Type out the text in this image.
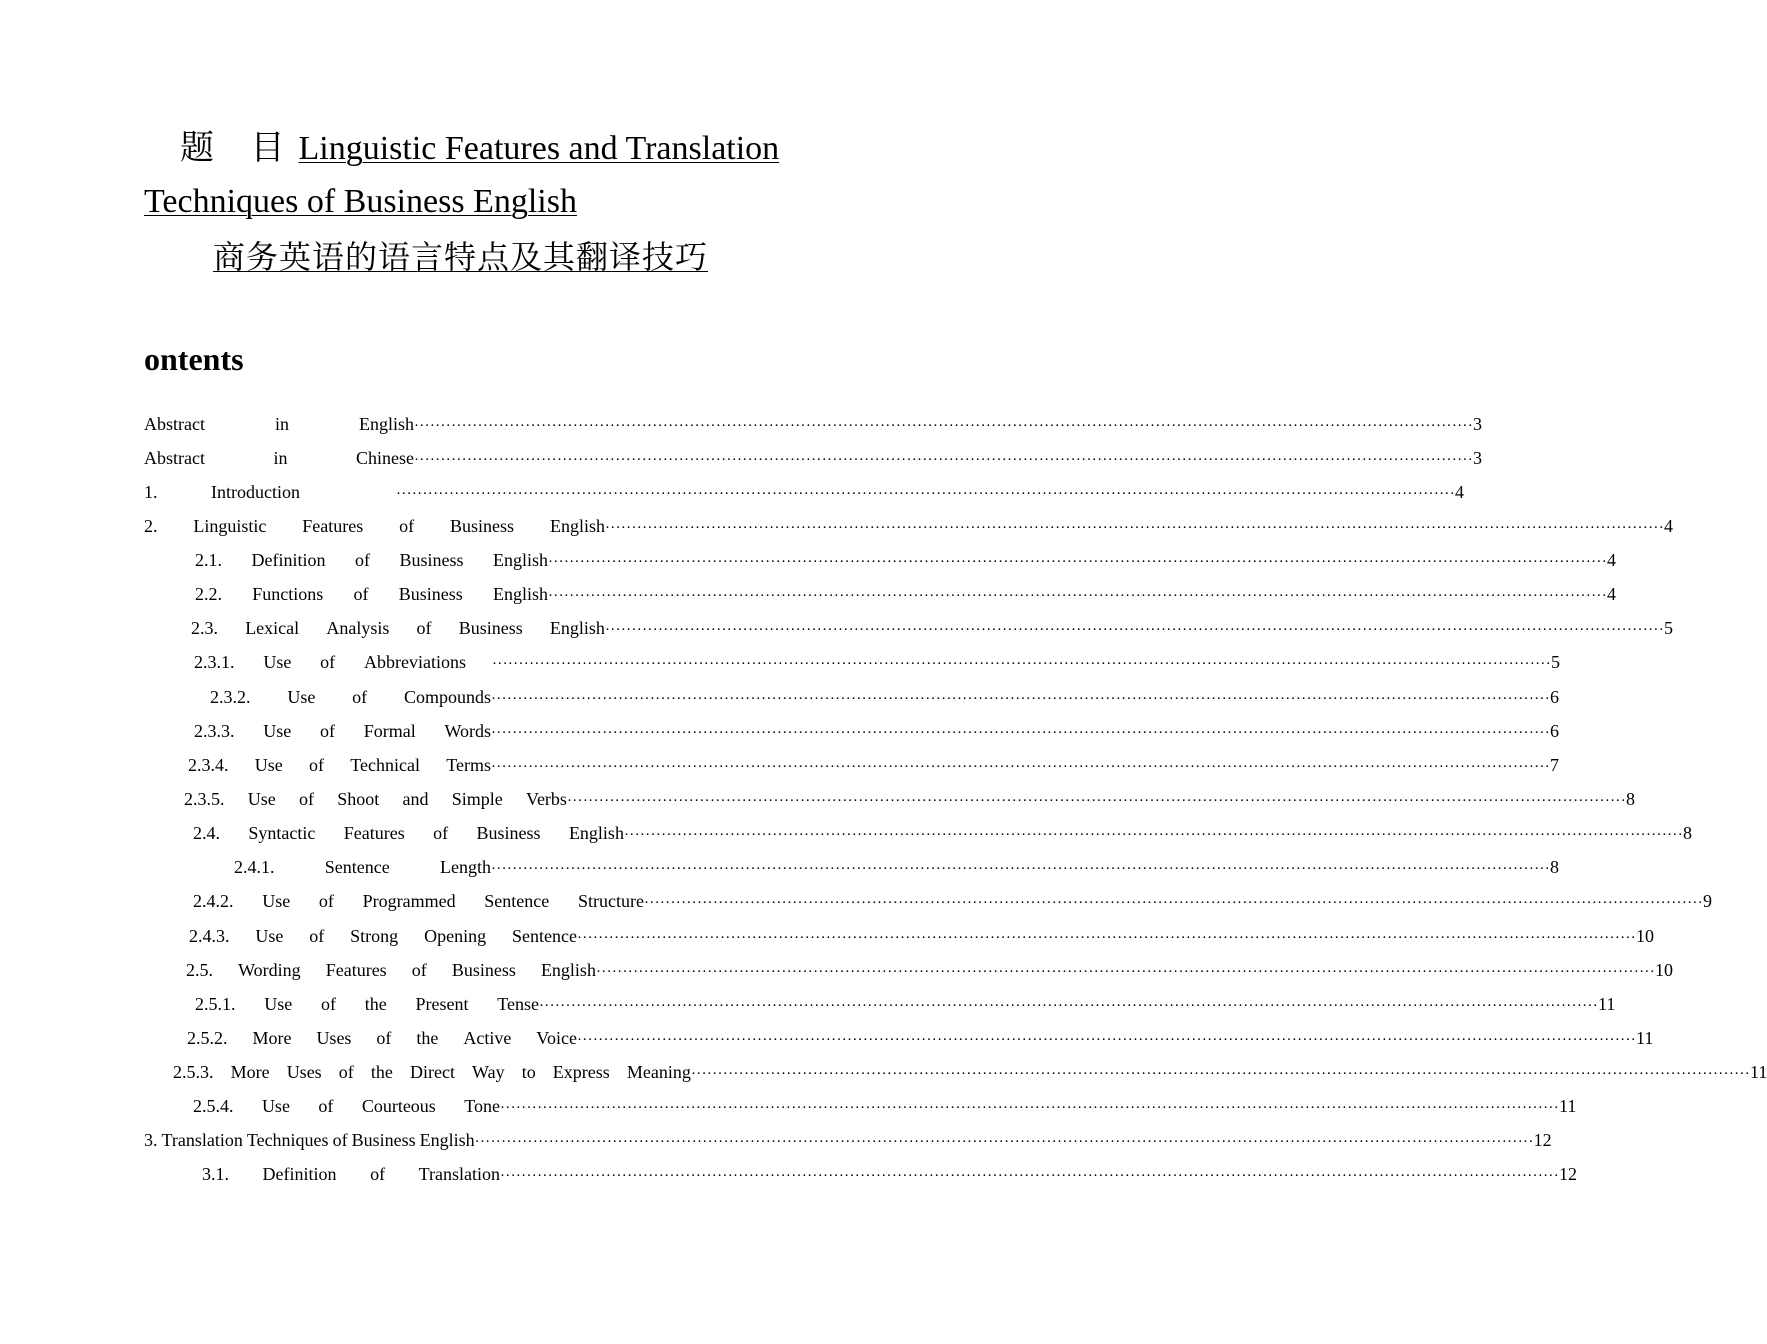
题 目Linguistic Features and Translation
Techniques of Business English
商务英语的语言特点及其翻译技巧
ontents
Abstract	in	English ········································································································································································································ 3
Abstract	in	Chinese ········································································································································································································ 3
1.	Introduction	········································································································································································································ 4
2. Linguistic Features of Business English ········································································································································································································ 4
2.1. Definition of Business English ········································································································································································································ 4
2.2. Functions of Business English ········································································································································································································ 4
2.3. Lexical Analysis of Business English ········································································································································································································ 5
2.3.1. Use of Abbreviations ········································································································································································································ 5
2.3.2. Use of Compounds ········································································································································································································ 6
2.3.3. Use of Formal Words ········································································································································································································ 6
2.3.4. Use of Technical Terms ········································································································································································································ 7
2.3.5. Use of Shoot and Simple Verbs ········································································································································································································ 8
2.4. Syntactic Features of Business English ········································································································································································································ 8
2.4.1.	Sentence	Length ········································································································································································································ 8
2.4.2. Use of Programmed Sentence Structure ········································································································································································································ 9
2.4.3. Use of Strong Opening Sentence ········································································································································································································ 10
2.5. Wording Features of Business English ········································································································································································································ 10
2.5.1. Use of the Present Tense ········································································································································································································ 11
2.5.2. More Uses of the Active Voice ········································································································································································································ 11
2.5.3. More Uses of the Direct Way to Express Meaning ········································································································································································································ 11
2.5.4. Use of Courteous Tone ········································································································································································································ 11
3. Translation Techniques of Business English ········································································································································································································ 12
3.1. Definition of Translation ········································································································································································································ 12
